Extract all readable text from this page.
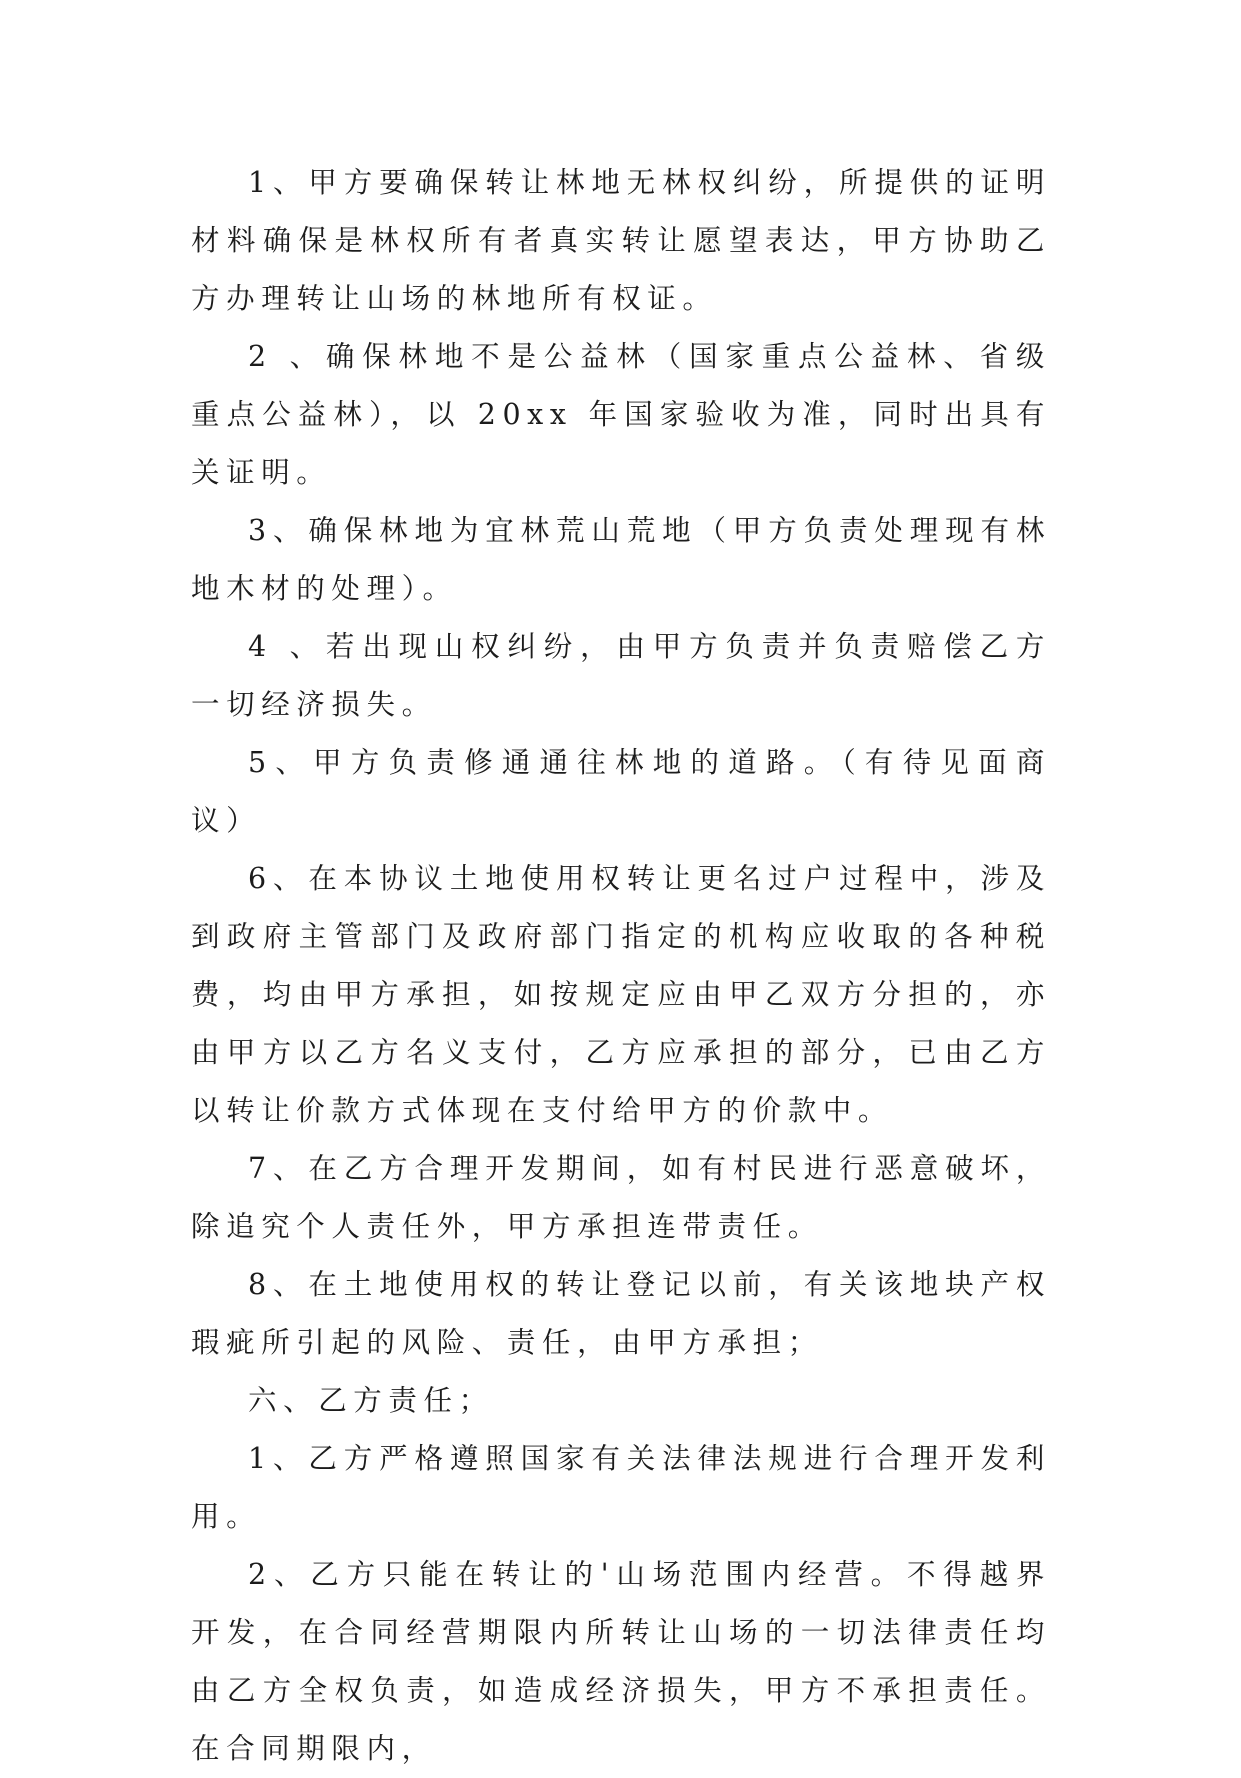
1、甲方要确保转让林地无林权纠纷，所提供的证明材料确保是林权所有者真实转让愿望表达，甲方协助乙方办理转让山场的林地所有权证。

2 、确保林地不是公益林（国家重点公益林、省级重点公益林），以 20xx 年国家验收为准，同时出具有关证明。

3、确保林地为宜林荒山荒地（甲方负责处理现有林地木材的处理）。

4 、若出现山权纠纷，由甲方负责并负责赔偿乙方一切经济损失。

5、甲方负责修通通往林地的道路。（有待见面商议）

6、在本协议土地使用权转让更名过户过程中，涉及到政府主管部门及政府部门指定的机构应收取的各种税费，均由甲方承担，如按规定应由甲乙双方分担的，亦由甲方以乙方名义支付，乙方应承担的部分，已由乙方以转让价款方式体现在支付给甲方的价款中。

7、在乙方合理开发期间，如有村民进行恶意破坏，除追究个人责任外，甲方承担连带责任。

8、在土地使用权的转让登记以前，有关该地块产权瑕疵所引起的风险、责任，由甲方承担；

六、乙方责任；

1、乙方严格遵照国家有关法律法规进行合理开发利用。

2、乙方只能在转让的'山场范围内经营。不得越界开发，在合同经营期限内所转让山场的一切法律责任均由乙方全权负责，如造成经济损失，甲方不承担责任。在合同期限内，
